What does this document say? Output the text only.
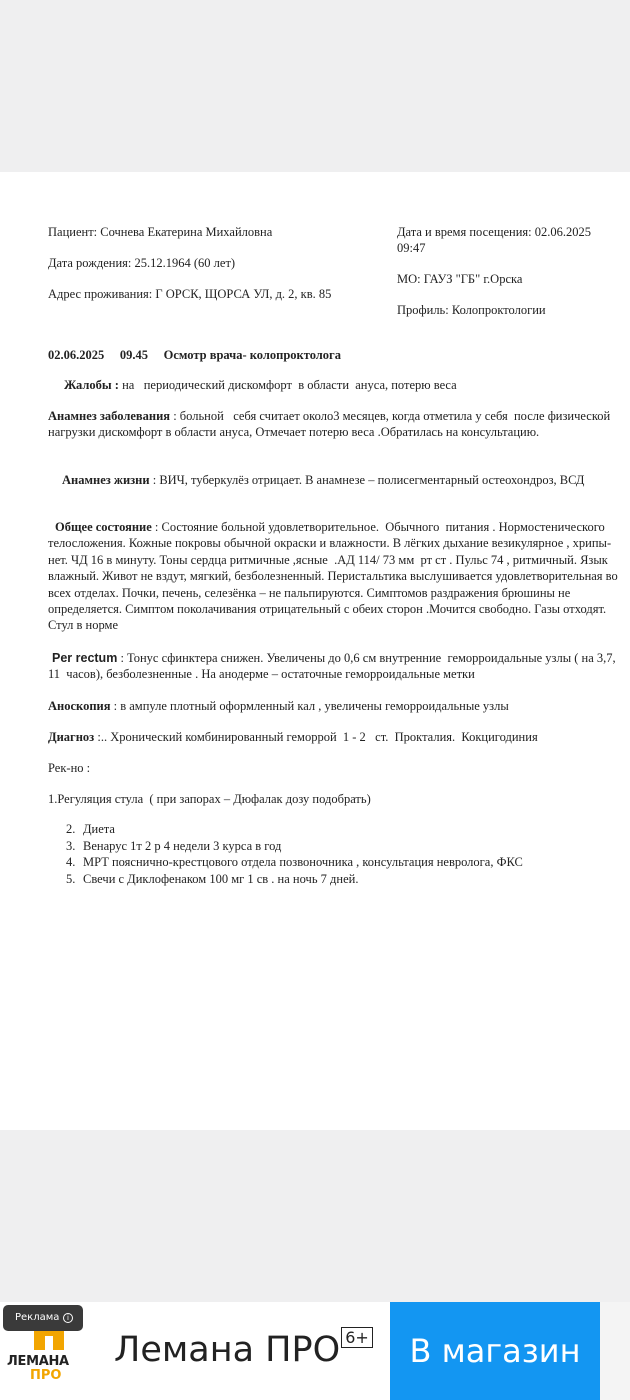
Пациент: Сочнева Екатерина Михайловна
Дата рождения: 25.12.1964 (60 лет)
Адрес проживания: Г ОРСК, ЩОРСА УЛ, д. 2, кв. 85
Дата и время посещения: 02.06.2025
09:47
МО: ГАУЗ "ГБ" г.Орска
Профиль: Колопроктологии
02.06.2025     09.45     Осмотр врача- колопроктолога
Жалобы : на   периодический дискомфорт  в области  ануса, потерю веса
Анамнез заболевания : больной   себя считает около3 месяцев, когда отметила у себя  после физической нагрузки дискомфорт в области ануса, Отмечает потерю веса .Обратилась на консультацию.
Анамнез жизни : ВИЧ, туберкулёз отрицает. В анамнезе – полисегментарный остеохондроз, ВСД
Общее состояние : Состояние больной удовлетворительное.  Обычного  питания . Нормостенического телосложения. Кожные покровы обычной окраски и влажности. В лёгких дыхание везикулярное , хрипы-  нет. ЧД 16 в минуту. Тоны сердца ритмичные ,ясные  .АД 114/ 73 мм  рт ст . Пульс 74 , ритмичный. Язык влажный. Живот не вздут, мягкий, безболезненный. Перистальтика выслушивается удовлетворительная во всех отделах. Почки, печень, селезёнка – не пальпируются. Симптомов раздражения брюшины не определяется. Симптом поколачивания отрицательный с обеих сторон .Мочится свободно. Газы отходят. Стул в норме
Per rectum : Тонус сфинктера снижен. Увеличены до 0,6 см внутренние  геморроидальные узлы ( на 3,7, 11  часов), безболезненные . На анодерме – остаточные геморроидальные метки
Аноскопия : в ампуле плотный оформленный кал , увеличены геморроидальные узлы
Диагноз :.. Хронический комбинированный геморрой  1 - 2   ст.  Прокталия.  Кокцигодиния
Рек-но :
1.Регуляция стула  ( при запорах – Дюфалак дозу подобрать)
2. Диета
3. Венарус 1т 2 р 4 недели 3 курса в год
4. МРТ пояснично-крестцового отдела позвоночника , консультация невролога, ФКС
5. Свечи с Диклофенаком 100 мг 1 св . на ночь 7 дней.
ЛЕМАНА
ПРО
Реклама	i
Лемана ПРО 6+	В магазин
